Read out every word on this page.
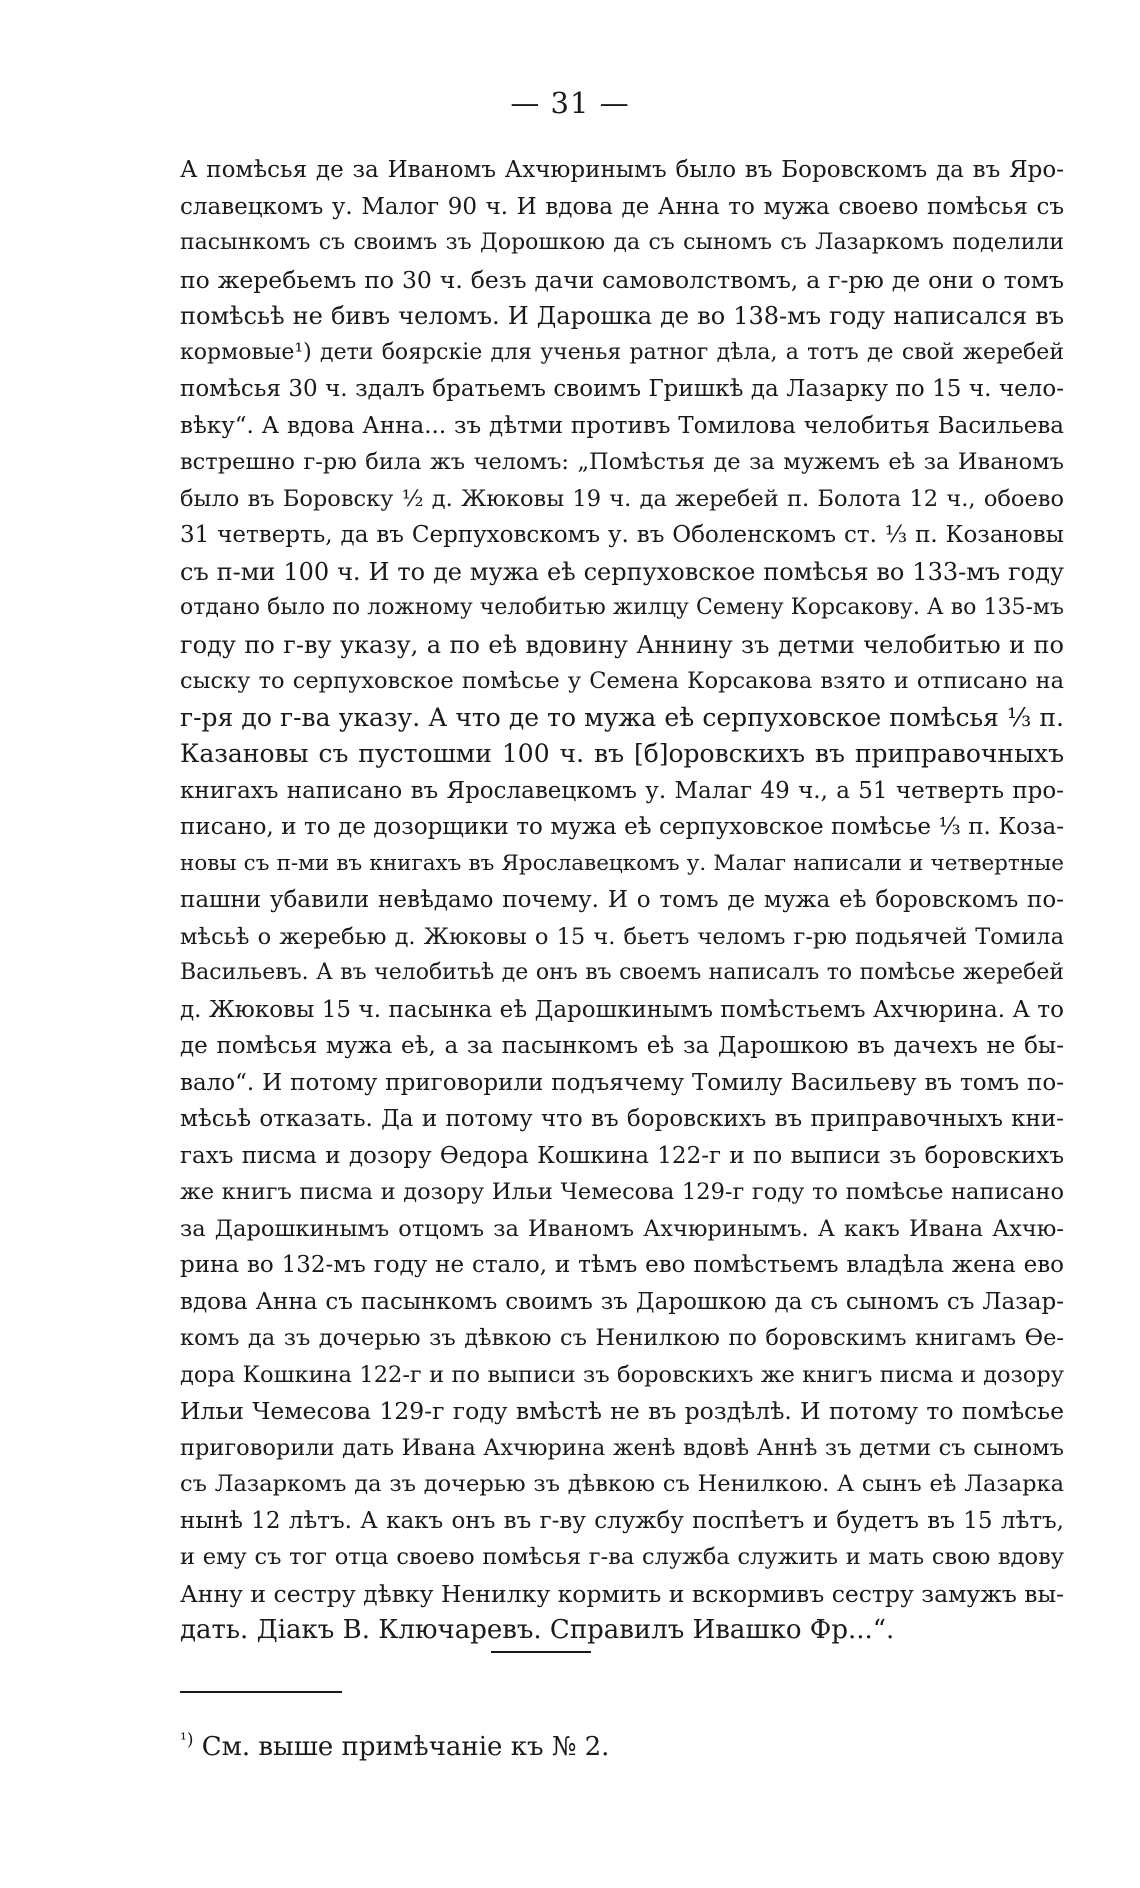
— 31 —
А помѣсья де за Иваномъ Ахчюринымъ было въ Боровскомъ да въ Яро-
славецкомъ у. Малог 90 ч. И вдова де Анна то мужа своево помѣсья съ
пасынкомъ съ своимъ зъ Дорошкою да съ сыномъ съ Лазаркомъ поделили
по жеребьемъ по 30 ч. безъ дачи самоволствомъ, а г-рю де они о томъ
помѣсьѣ не бивъ челомъ. И Дарошка де во 138-мъ году написался въ
кормовые¹) дети боярскіе для ученья ратног дѣла, а тотъ де свой жеребей
помѣсья 30 ч. здалъ братьемъ своимъ Гришкѣ да Лазарку по 15 ч. чело-
вѣку“. А вдова Анна... зъ дѣтми противъ Томилова челобитья Васильева
встрешно г-рю била жъ челомъ: „Помѣстья де за мужемъ еѣ за Иваномъ
было въ Боровску ½ д. Жюковы 19 ч. да жеребей п. Болота 12 ч., обоево
31 четверть, да въ Серпуховскомъ у. въ Оболенскомъ ст. ⅓ п. Козановы
съ п-ми 100 ч. И то де мужа еѣ серпуховское помѣсья во 133-мъ году
отдано было по ложному челобитью жилцу Семену Корсакову. А во 135-мъ
году по г-ву указу, а по еѣ вдовину Аннину зъ детми челобитью и по
сыску то серпуховское помѣсье у Семена Корсакова взято и отписано на
г-ря до г-ва указу. А что де то мужа еѣ серпуховское помѣсья ⅓ п.
Казановы съ пустошми 100 ч. въ [б]оровскихъ въ приправочныхъ
книгахъ написано въ Ярославецкомъ у. Малаг 49 ч., а 51 четверть про-
писано, и то де дозорщики то мужа еѣ серпуховское помѣсье ⅓ п. Коза-
новы съ п-ми въ книгахъ въ Ярославецкомъ у. Малаг написали и четвертные
пашни убавили невѣдамо почему. И о томъ де мужа еѣ боровскомъ по-
мѣсьѣ о жеребью д. Жюковы о 15 ч. бьетъ челомъ г-рю подьячей Томила
Васильевъ. А въ челобитьѣ де онъ въ своемъ написалъ то помѣсье жеребей
д. Жюковы 15 ч. пасынка еѣ Дарошкинымъ помѣстьемъ Ахчюрина. А то
де помѣсья мужа еѣ, а за пасынкомъ еѣ за Дарошкою въ дачехъ не бы-
вало“. И потому приговорили подъячему Томилу Васильеву въ томъ по-
мѣсьѣ отказать. Да и потому что въ боровскихъ въ приправочныхъ кни-
гахъ писма и дозору Ѳедора Кошкина 122-г и по выписи зъ боровскихъ
же книгъ писма и дозору Ильи Чемесова 129-г году то помѣсье написано
за Дарошкинымъ отцомъ за Иваномъ Ахчюринымъ. А какъ Ивана Ахчю-
рина во 132-мъ году не стало, и тѣмъ ево помѣстьемъ владѣла жена ево
вдова Анна съ пасынкомъ своимъ зъ Дарошкою да съ сыномъ съ Лазар-
комъ да зъ дочерью зъ дѣвкою съ Ненилкою по боровскимъ книгамъ Ѳе-
дора Кошкина 122-г и по выписи зъ боровскихъ же книгъ писма и дозору
Ильи Чемесова 129-г году вмѣстѣ не въ роздѣлѣ. И потому то помѣсье
приговорили дать Ивана Ахчюрина женѣ вдовѣ Аннѣ зъ детми съ сыномъ
съ Лазаркомъ да зъ дочерью зъ дѣвкою съ Ненилкою. А сынъ еѣ Лазарка
нынѣ 12 лѣтъ. А какъ онъ въ г-ву службу поспѣетъ и будетъ въ 15 лѣтъ,
и ему съ тог отца своево помѣсья г-ва служба служить и мать свою вдову
Анну и сестру дѣвку Ненилку кормить и вскормивъ сестру замужъ вы-
дать. Діакъ В. Ключаревъ. Справилъ Ивашко Фр...“.
$^{^1)}$ См. выше примѣчаніе къ № 2.
